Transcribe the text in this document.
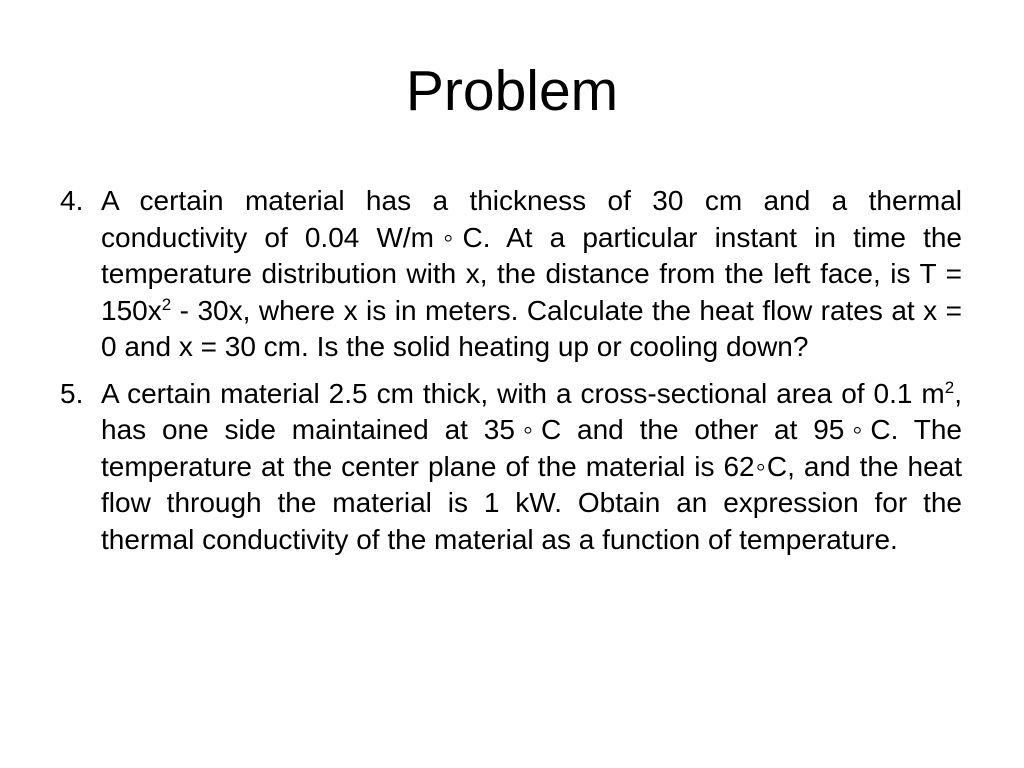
Problem
4. A certain material has a thickness of 30 cm and a thermal conductivity of 0.04 W/m◦C. At a particular instant in time the temperature distribution with x, the distance from the left face, is $T = 150x^2 - 30x$, where x is in meters. Calculate the heat flow rates at x = 0 and x = 30 cm. Is the solid heating up or cooling down?
5. A certain material 2.5 cm thick, with a cross-sectional area of 0.1 $m^2$, has one side maintained at 35◦C and the other at 95◦C. The temperature at the center plane of the material is 62◦C, and the heat flow through the material is 1 kW. Obtain an expression for the thermal conductivity of the material as a function of temperature.
